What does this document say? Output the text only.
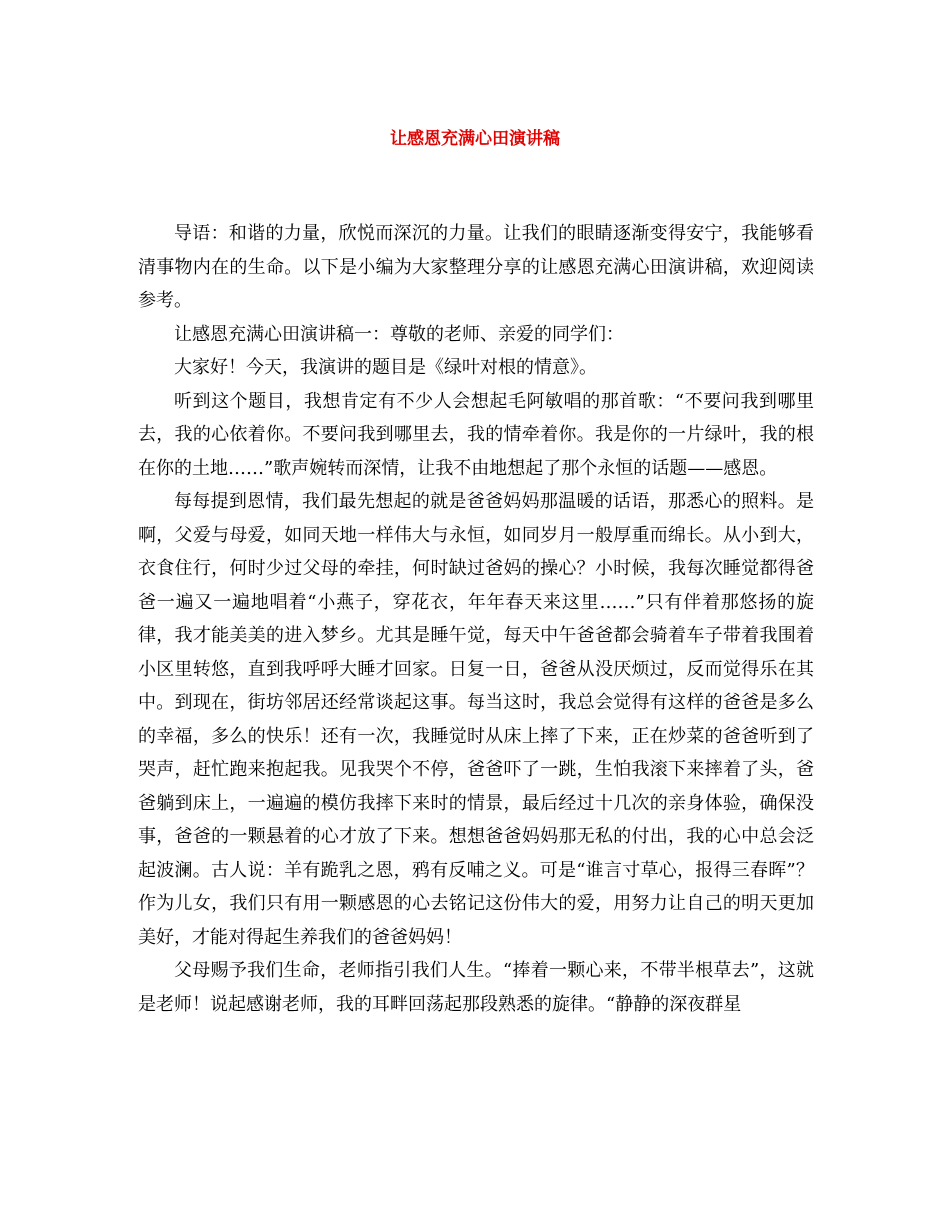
让感恩充满心田演讲稿

导语：和谐的力量，欣悦而深沉的力量。让我们的眼睛逐渐变得安宁，我能够看清事物内在的生命。以下是小编为大家整理分享的让感恩充满心田演讲稿，欢迎阅读参考。

让感恩充满心田演讲稿一：尊敬的老师、亲爱的同学们：

大家好！今天，我演讲的题目是《绿叶对根的情意》。

听到这个题目，我想肯定有不少人会想起毛阿敏唱的那首歌：“不要问我到哪里去，我的心依着你。不要问我到哪里去，我的情牵着你。我是你的一片绿叶，我的根在你的土地……”歌声婉转而深情，让我不由地想起了那个永恒的话题——感恩。

每每提到恩情，我们最先想起的就是爸爸妈妈那温暖的话语，那悉心的照料。是啊，父爱与母爱，如同天地一样伟大与永恒，如同岁月一般厚重而绵长。从小到大，衣食住行，何时少过父母的牵挂，何时缺过爸妈的操心？小时候，我每次睡觉都得爸爸一遍又一遍地唱着“小燕子，穿花衣，年年春天来这里……”只有伴着那悠扬的旋律，我才能美美的进入梦乡。尤其是睡午觉，每天中午爸爸都会骑着车子带着我围着小区里转悠，直到我呼呼大睡才回家。日复一日，爸爸从没厌烦过，反而觉得乐在其中。到现在，街坊邻居还经常谈起这事。每当这时，我总会觉得有这样的爸爸是多么的幸福，多么的快乐！还有一次，我睡觉时从床上摔了下来，正在炒菜的爸爸听到了哭声，赶忙跑来抱起我。见我哭个不停，爸爸吓了一跳，生怕我滚下来摔着了头，爸爸躺到床上，一遍遍的模仿我摔下来时的情景，最后经过十几次的亲身体验，确保没事，爸爸的一颗悬着的心才放了下来。想想爸爸妈妈那无私的付出，我的心中总会泛起波澜。古人说：羊有跪乳之恩，鸦有反哺之义。可是“谁言寸草心，报得三春晖”？作为儿女，我们只有用一颗感恩的心去铭记这份伟大的爱，用努力让自己的明天更加美好，才能对得起生养我们的爸爸妈妈！

父母赐予我们生命，老师指引我们人生。“捧着一颗心来，不带半根草去”，这就是老师！说起感谢老师，我的耳畔回荡起那段熟悉的旋律。“静静的深夜群星
